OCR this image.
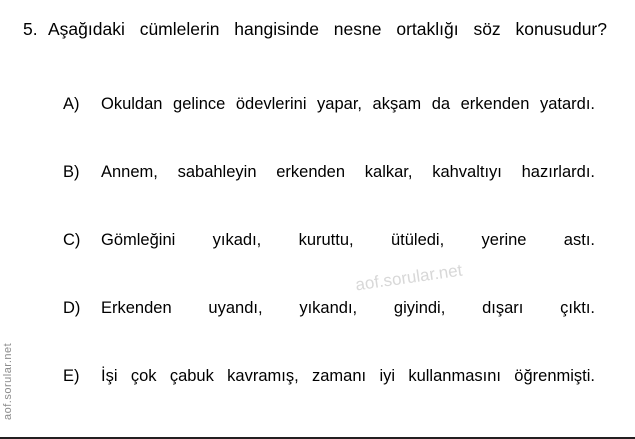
aof.sorular.net
5. Aşağıdaki cümlelerin hangisinde nesne ortaklığı söz konusudur?
A)	Okuldan gelince ödevlerini yapar, akşam da erkenden yatardı.
B)	Annem, sabahleyin erkenden kalkar, kahvaltıyı hazırlardı.
C)	Gömleğini yıkadı, kuruttu, ütüledi, yerine astı.
D)	Erkenden uyandı, yıkandı, giyindi, dışarı çıktı.
E)	İşi çok çabuk kavramış, zamanı iyi kullanmasını öğrenmişti.
aof.sorular.net
